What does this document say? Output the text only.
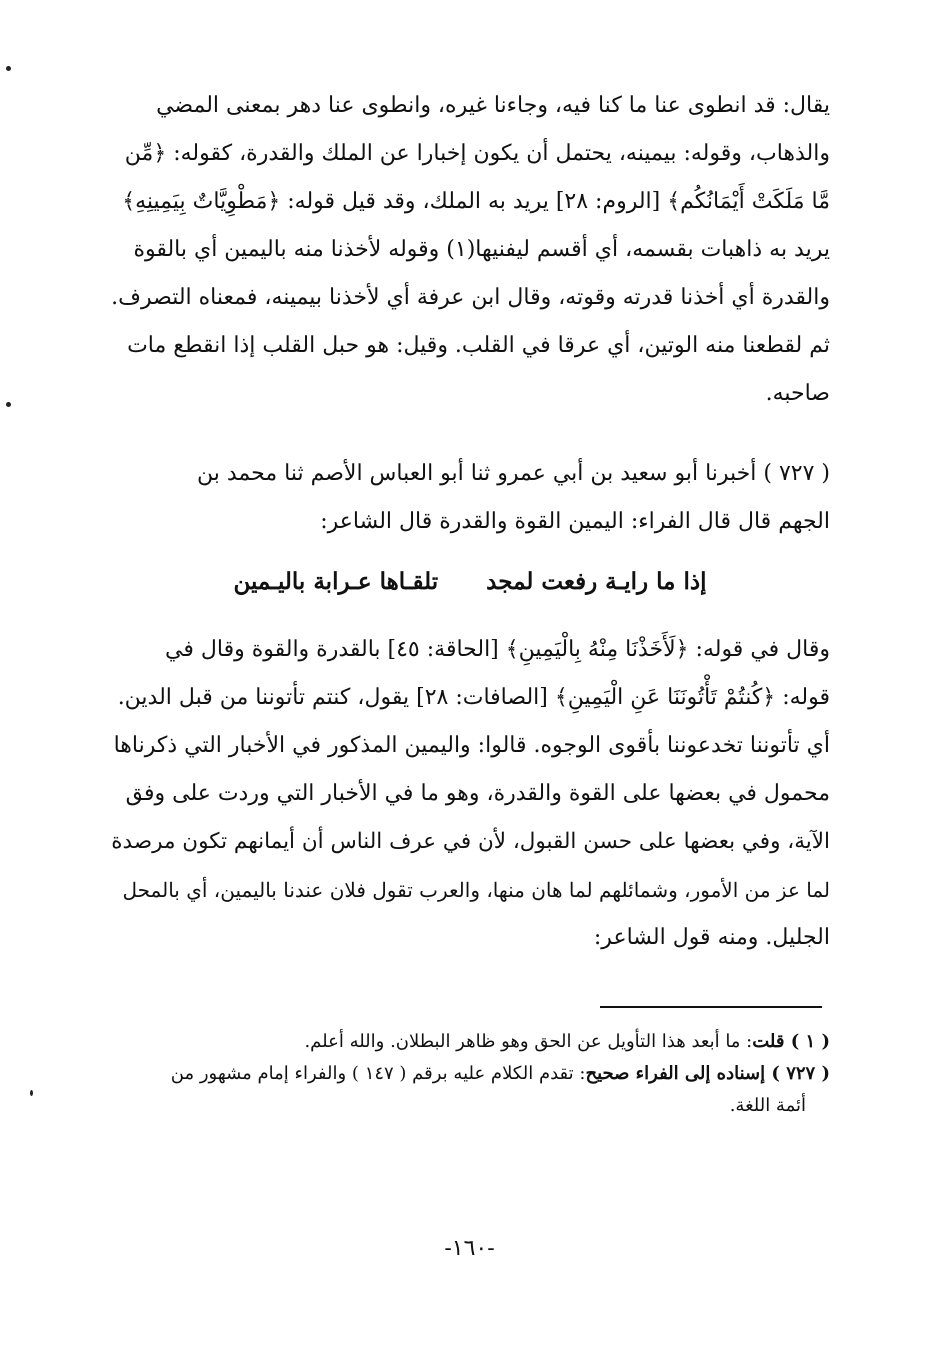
يقال: قد انطوى عنا ما كنا فيه، وجاءنا غيره، وانطوى عنا دهر بمعنى المضي
والذهاب، وقوله: بيمينه، يحتمل أن يكون إخبارا عن الملك والقدرة، كقوله: ﴿مِّن
مَّا مَلَكَتْ أَيْمَانُكُم﴾ [الروم: ٢٨] يريد به الملك، وقد قيل قوله: ﴿مَطْوِيَّاتٌ بِيَمِينِهِ﴾
يريد به ذاهبات بقسمه، أي أقسم ليفنيها(١) وقوله لأخذنا منه باليمين أي بالقوة
والقدرة أي أخذنا قدرته وقوته، وقال ابن عرفة أي لأخذنا بيمينه، فمعناه التصرف.
ثم لقطعنا منه الوتين، أي عرقا في القلب. وقيل: هو حبل القلب إذا انقطع مات
صاحبه.
( ٧٢٧ ) أخبرنا أبو سعيد بن أبي عمرو ثنا أبو العباس الأصم ثنا محمد بن
الجهم قال قال الفراء: اليمين القوة والقدرة قال الشاعر:
إذا ما رايـة رفعت لمجد
تلقـاها عـرابة باليـمين
وقال في قوله: ﴿لَأَخَذْنَا مِنْهُ بِالْيَمِينِ﴾ [الحاقة: ٤٥] بالقدرة والقوة وقال في
قوله: ﴿كُنتُمْ تَأْتُونَنَا عَنِ الْيَمِينِ﴾ [الصافات: ٢٨] يقول، كنتم تأتوننا من قبل الدين.
أي تأتوننا تخدعوننا بأقوى الوجوه. قالوا: واليمين المذكور في الأخبار التي ذكرناها
محمول في بعضها على القوة والقدرة، وهو ما في الأخبار التي وردت على وفق
الآية، وفي بعضها على حسن القبول، لأن في عرف الناس أن أيمانهم تكون مرصدة
لما عز من الأمور، وشمائلهم لما هان منها، والعرب تقول فلان عندنا باليمين، أي بالمحل
الجليل. ومنه قول الشاعر:
( ١ ) قلت: ما أبعد هذا التأويل عن الحق وهو ظاهر البطلان. والله أعلم.
( ٧٢٧ ) إسناده إلى الفراء صحيح: تقدم الكلام عليه برقم ( ١٤٧ ) والفراء إمام مشهور من
أئمة اللغة.
-١٦٠-
